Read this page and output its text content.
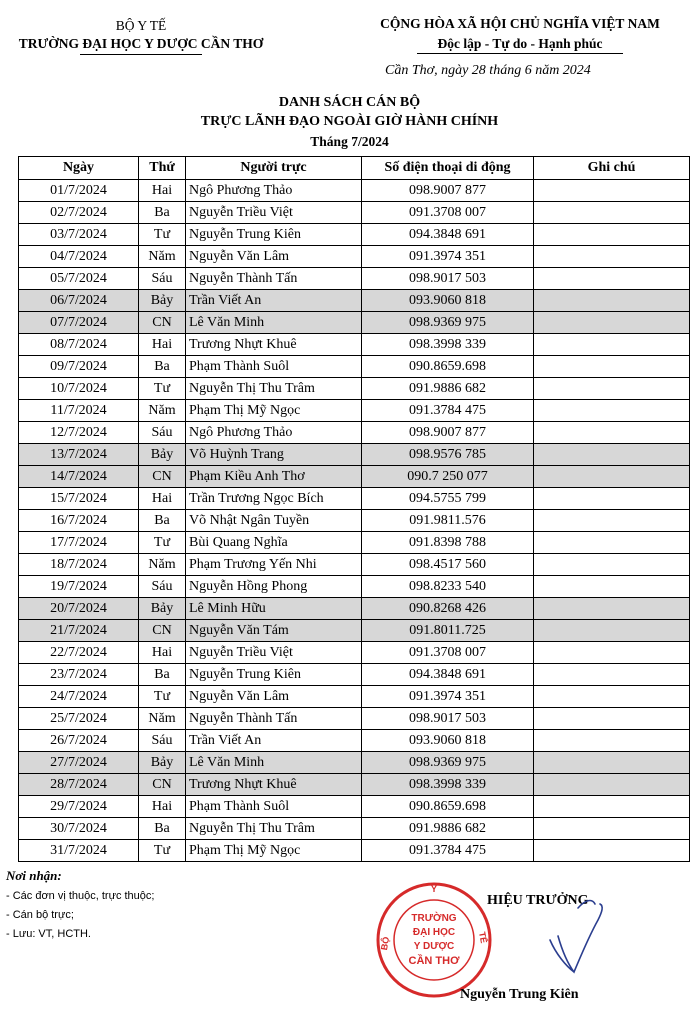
BỘ Y TẾ
TRƯỜNG ĐẠI HỌC Y DƯỢC CẦN THƠ
CỘNG HÒA XÃ HỘI CHỦ NGHĨA VIỆT NAM
Độc lập - Tự do - Hạnh phúc
Cần Thơ, ngày 28 tháng 6 năm 2024
DANH SÁCH CÁN BỘ
TRỰC LÃNH ĐẠO NGOÀI GIỜ HÀNH CHÍNH
Tháng 7/2024
Ngày	Thứ	Người trực	Số điện thoại di động	Ghi chú
01/7/2024	Hai	Ngô Phương Thảo	098.9007 877	
02/7/2024	Ba	Nguyễn Triều Việt	091.3708 007	
03/7/2024	Tư	Nguyễn Trung Kiên	094.3848 691	
04/7/2024	Năm	Nguyễn Văn Lâm	091.3974 351	
05/7/2024	Sáu	Nguyễn Thành Tấn	098.9017 503	
06/7/2024	Bảy	Trần Viết An	093.9060 818	
07/7/2024	CN	Lê Văn Minh	098.9369 975	
08/7/2024	Hai	Trương Nhựt Khuê	098.3998 339	
09/7/2024	Ba	Phạm Thành Suôl	090.8659.698	
10/7/2024	Tư	Nguyễn Thị Thu Trâm	091.9886 682	
11/7/2024	Năm	Phạm Thị Mỹ Ngọc	091.3784 475	
12/7/2024	Sáu	Ngô Phương Thảo	098.9007 877	
13/7/2024	Bảy	Võ Huỳnh Trang	098.9576 785	
14/7/2024	CN	Phạm Kiều Anh Thơ	090.7 250 077	
15/7/2024	Hai	Trần Trương Ngọc Bích	094.5755 799	
16/7/2024	Ba	Võ Nhật Ngân Tuyền	091.9811.576	
17/7/2024	Tư	Bùi Quang Nghĩa	091.8398 788	
18/7/2024	Năm	Phạm Trương Yến Nhi	098.4517 560	
19/7/2024	Sáu	Nguyễn Hồng Phong	098.8233 540	
20/7/2024	Bảy	Lê Minh Hữu	090.8268 426	
21/7/2024	CN	Nguyễn Văn Tám	091.8011.725	
22/7/2024	Hai	Nguyễn Triều Việt	091.3708 007	
23/7/2024	Ba	Nguyễn Trung Kiên	094.3848 691	
24/7/2024	Tư	Nguyễn Văn Lâm	091.3974 351	
25/7/2024	Năm	Nguyễn Thành Tấn	098.9017 503	
26/7/2024	Sáu	Trần Viết An	093.9060 818	
27/7/2024	Bảy	Lê Văn Minh	098.9369 975	
28/7/2024	CN	Trương Nhựt Khuê	098.3998 339	
29/7/2024	Hai	Phạm Thành Suôl	090.8659.698	
30/7/2024	Ba	Nguyễn Thị Thu Trâm	091.9886 682	
31/7/2024	Tư	Phạm Thị Mỹ Ngọc	091.3784 475	
Nơi nhận:
- Các đơn vị thuộc, trực thuộc;
- Cán bộ trực;
- Lưu: VT, HCTH.
Y
BỘ	TẾ
TRƯỜNG
ĐẠI HỌC
Y DƯỢC
CẦN THƠ
HIỆU TRƯỞNG
Nguyễn Trung Kiên
